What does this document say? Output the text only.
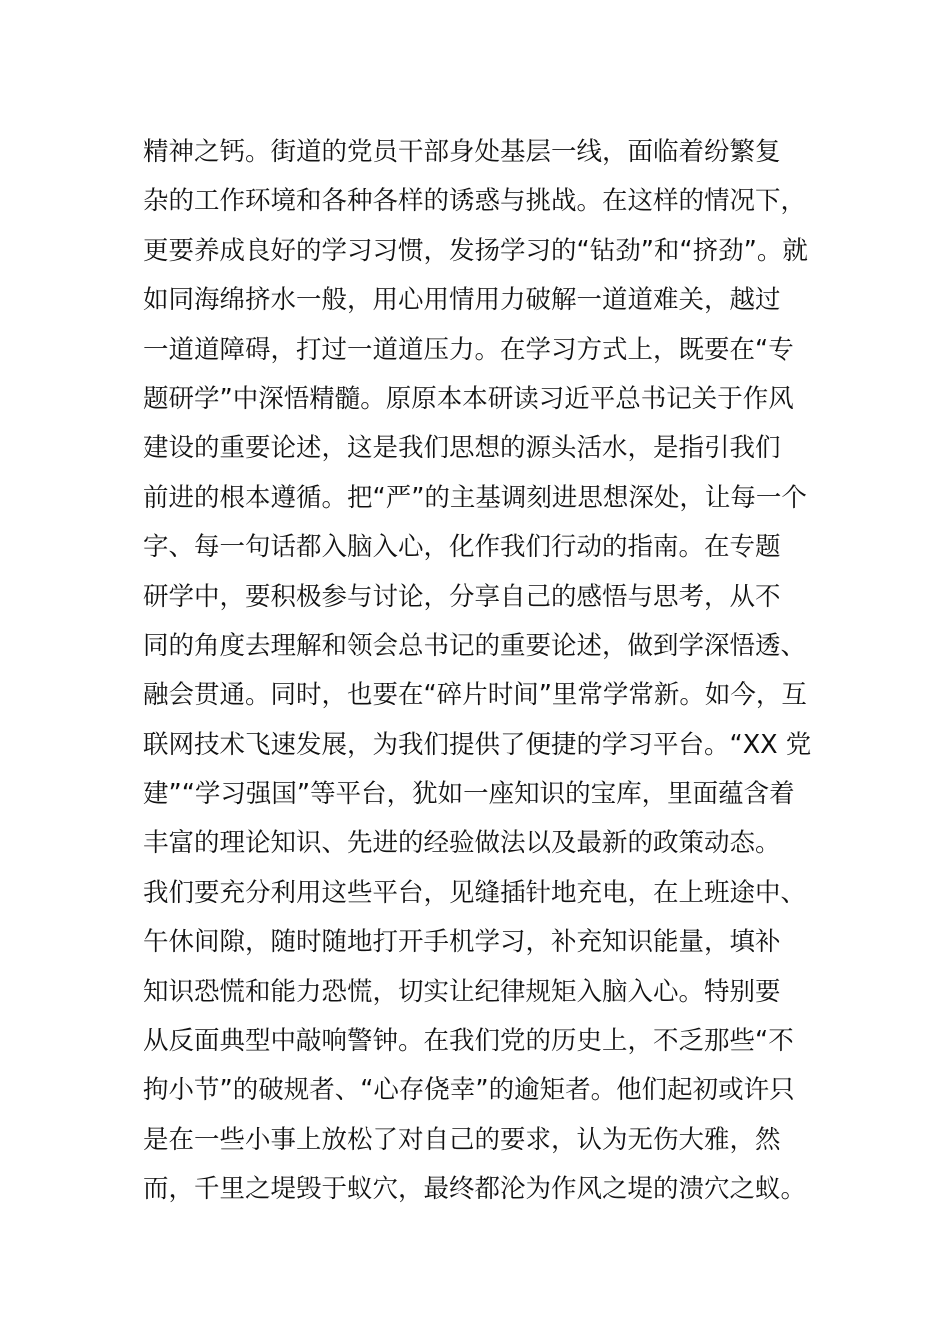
精神之钙。街道的党员干部身处基层一线，面临着纷繁复
杂的工作环境和各种各样的诱惑与挑战。在这样的情况下，
更要养成良好的学习习惯，发扬学习的“钻劲”和“挤劲”。就
如同海绵挤水一般，用心用情用力破解一道道难关，越过
一道道障碍，打过一道道压力。在学习方式上，既要在“专
题研学”中深悟精髓。原原本本研读习近平总书记关于作风
建设的重要论述，这是我们思想的源头活水，是指引我们
前进的根本遵循。把“严”的主基调刻进思想深处，让每一个
字、每一句话都入脑入心，化作我们行动的指南。在专题
研学中，要积极参与讨论，分享自己的感悟与思考，从不
同的角度去理解和领会总书记的重要论述，做到学深悟透、
融会贯通。同时，也要在“碎片时间”里常学常新。如今，互
联网技术飞速发展，为我们提供了便捷的学习平台。“XX 党
建”“学习强国”等平台，犹如一座知识的宝库，里面蕴含着
丰富的理论知识、先进的经验做法以及最新的政策动态。
我们要充分利用这些平台，见缝插针地充电，在上班途中、
午休间隙，随时随地打开手机学习，补充知识能量，填补
知识恐慌和能力恐慌，切实让纪律规矩入脑入心。特别要
从反面典型中敲响警钟。在我们党的历史上，不乏那些“不
拘小节”的破规者、“心存侥幸”的逾矩者。他们起初或许只
是在一些小事上放松了对自己的要求，认为无伤大雅，然
而，千里之堤毁于蚁穴，最终都沦为作风之堤的溃穴之蚁。
